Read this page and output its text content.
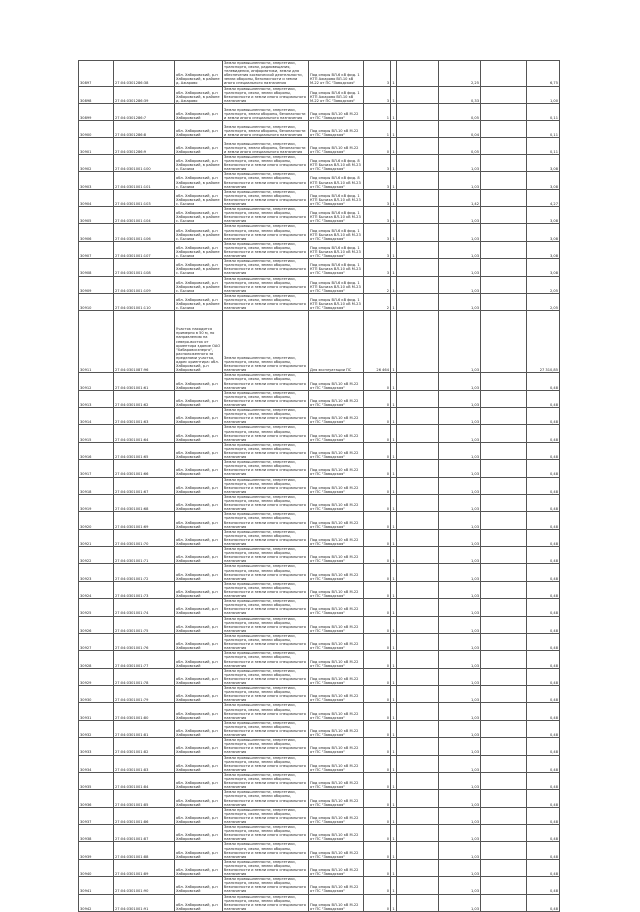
30897	27:04:0301286:38	обл. Хабаровский, р-н Хабаровский, в районе д. Ажарово	Земли промышленности, энергетики, транспорта, связи, радиовещания, телевидения, информатики, земли для обеспечения космической деятельности, земли обороны, безопасности и земли иного специального назначения	Под опоры ВЛ-6 кВ фид. 1 КТП Ажарово ВЛ-10 кВ М-22 от ПС "Заводская"	3	1		2,25		6,75
30898	27:04:0301286:39	обл. Хабаровский, р-н Хабаровский, в районе д. Ажарово	Земли промышленности, энергетики, транспорта, связи, земли обороны, безопасности и земли иного специального назначения	Под опоры ВЛ-6 кВ фид. 1 КТП Ажарово ВЛ-10 кВ М-22 от ПС "Заводская"	3	1		0,33		1,00
30899	27:04:0301286:7	обл. Хабаровский, р-н Хабаровский	Земли промышленности, энергетики, транспорта, земли обороны, безопасности и земли иного специального назначения	Под опоры ВЛ-10 кВ М-22 от ПС "Заводская"	1	1		0,05		0,11
30900	27:04:0301286:8	обл. Хабаровский, р-н Хабаровский	Земли промышленности, энергетики, транспорта, земли обороны, безопасности и земли иного специального назначения	Под опоры ВЛ-10 кВ М-22 от ПС "Заводская"	1	1		0,04		0,11
30901	27:04:0301286:9	обл. Хабаровский, р-н Хабаровский	Земли промышленности, энергетики, транспорта, земли обороны, безопасности и земли иного специального назначения	Под опоры ВЛ-10 кВ М-22 от ПС "Заводская"	0	1		0,05		0,11
30902	27:04:0301001:100	обл. Хабаровский, р-н Хабаровский, в районе с. Бычиха	Земли промышленности, энергетики, транспорта, связи, земли обороны, безопасности и земли иного специального назначения	Под опоры ВЛ-6 кВ фид. 8 КТП Бычиха ВЛ-10 кВ М-23 от ПС "Заводская"	3	1		1,03		3,08
30903	27:04:0301001:101	обл. Хабаровский, р-н Хабаровский, в районе с. Бычиха	Земли промышленности, энергетики, транспорта, связи, земли обороны, безопасности и земли иного специального назначения	Под опоры ВЛ-6 кВ фид. 8 КТП Бычиха ВЛ-10 кВ М-23 от ПС "Заводская"	3	1		1,03		3,08
30904	27:04:0301001:103	обл. Хабаровский, р-н Хабаровский, в районе с. Бычиха	Земли промышленности, энергетики, транспорта, связи, земли обороны, безопасности и земли иного специального назначения	Под опоры ВЛ-6 кВ фид. 1 КТП Бычиха ВЛ-10 кВ М-23 от ПС "Заводская"	3	1		1,42		4,27
30905	27:04:0301001:104	обл. Хабаровский, р-н Хабаровский, в районе с. Бычиха	Земли промышленности, энергетики, транспорта, связи, земли обороны, безопасности и земли иного специального назначения	Под опоры ВЛ-6 кВ фид. 1 КТП Бычиха ВЛ-10 кВ М-23 от ПС "Заводская"	3	1		1,03		3,08
30906	27:04:0301001:106	обл. Хабаровский, р-н Хабаровский, в районе с. Бычиха	Земли промышленности, энергетики, транспорта, связи, земли обороны, безопасности и земли иного специального назначения	Под опоры ВЛ-6 кВ фид. 1 КТП Бычиха ВЛ-10 кВ М-23 от ПС "Заводская"	3	1		1,03		3,08
30907	27:04:0301001:107	обл. Хабаровский, р-н Хабаровский, в районе с. Бычиха	Земли промышленности, энергетики, транспорта, связи, земли обороны, безопасности и земли иного специального назначения	Под опоры ВЛ-6 кВ фид. 1 КТП Бычиха ВЛ-10 кВ М-23 от ПС "Заводская"	3	1		1,03		3,08
30908	27:04:0301001:108	обл. Хабаровский, р-н Хабаровский, в районе с. Бычиха	Земли промышленности, энергетики, транспорта, связи, земли обороны, безопасности и земли иного специального назначения	Под опоры ВЛ-6 кВ фид. 1 КТП Бычиха ВЛ-10 кВ М-23 от ПС "Заводская"	3	1		1,03		3,08
30909	27:04:0301001:109	обл. Хабаровский, р-н Хабаровский, в районе с. Бычиха	Земли промышленности, энергетики, транспорта, связи, земли обороны, безопасности и земли иного специального назначения	Под опоры ВЛ-6 кВ фид. 1 КТП Бычиха ВЛ-10 кВ М-23 от ПС "Заводская"	2	1		1,03		2,05
30910	27:04:0301001:110	обл. Хабаровский, р-н Хабаровский, в районе с. Бычиха	Земли промышленности, энергетики, транспорта, связи, земли обороны, безопасности и земли иного специального назначения	Под опоры ВЛ-6 кВ фид. 1 КТП Бычиха ВЛ-10 кВ М-23 от ПС "Заводская"	2	1		1,03		2,05
30911	27:04:0301087:96	Участок находится примерно в 50 м, по направлению на северо-восток от ориентира здание ОАО "Хабаровскэнерго", расположенного за пределами участка, адрес ориентира: обл. Хабаровский, р-н Хабаровский	Земли промышленности, энергетики, транспорта, связи, земли обороны, безопасности и земли иного специального назначения	Для эксплуатации ПС	26 464	1		1,03		27 310,85
30912	27:04:0301001:61	обл. Хабаровский, р-н Хабаровский	Земли промышленности, энергетики, транспорта, связи, земли обороны, безопасности и земли иного специального назначения	Под опоры ВЛ-10 кВ М-22 от ПС "Заводская"	0	1		1,03		0,48
30913	27:04:0301001:62	обл. Хабаровский, р-н Хабаровский	Земли промышленности, энергетики, транспорта, связи, земли обороны, безопасности и земли иного специального назначения	Под опоры ВЛ-10 кВ М-22 от ПС "Заводская"	0	1		1,03		0,48
30914	27:04:0301001:63	обл. Хабаровский, р-н Хабаровский	Земли промышленности, энергетики, транспорта, связи, земли обороны, безопасности и земли иного специального назначения	Под опоры ВЛ-10 кВ М-22 от ПС "Заводская"	0	1		1,03		0,48
30915	27:04:0301001:64	обл. Хабаровский, р-н Хабаровский	Земли промышленности, энергетики, транспорта, связи, земли обороны, безопасности и земли иного специального назначения	Под опоры ВЛ-10 кВ М-22 от ПС "Заводская"	0	1		1,03		0,48
30916	27:04:0301001:65	обл. Хабаровский, р-н Хабаровский	Земли промышленности, энергетики, транспорта, связи, земли обороны, безопасности и земли иного специального назначения	Под опоры ВЛ-10 кВ М-22 от ПС "Заводская"	0	1		1,03		0,48
30917	27:04:0301001:66	обл. Хабаровский, р-н Хабаровский	Земли промышленности, энергетики, транспорта, связи, земли обороны, безопасности и земли иного специального назначения	Под опоры ВЛ-10 кВ М-22 от ПС "Заводская"	0	1		1,03		0,48
30918	27:04:0301001:67	обл. Хабаровский, р-н Хабаровский	Земли промышленности, энергетики, транспорта, связи, земли обороны, безопасности и земли иного специального назначения	Под опоры ВЛ-10 кВ М-22 от ПС "Заводская"	0	1		1,03		0,48
30919	27:04:0301001:68	обл. Хабаровский, р-н Хабаровский	Земли промышленности, энергетики, транспорта, связи, земли обороны, безопасности и земли иного специального назначения	Под опоры ВЛ-10 кВ М-22 от ПС "Заводская"	0	1		1,03		0,48
30920	27:04:0301001:69	обл. Хабаровский, р-н Хабаровский	Земли промышленности, энергетики, транспорта, связи, земли обороны, безопасности и земли иного специального назначения	Под опоры ВЛ-10 кВ М-22 от ПС "Заводская"	0	1		1,03		0,48
30921	27:04:0301001:70	обл. Хабаровский, р-н Хабаровский	Земли промышленности, энергетики, транспорта, связи, земли обороны, безопасности и земли иного специального назначения	Под опоры ВЛ-10 кВ М-22 от ПС "Заводская"	0	1		1,03		0,48
30922	27:04:0301001:71	обл. Хабаровский, р-н Хабаровский	Земли промышленности, энергетики, транспорта, связи, земли обороны, безопасности и земли иного специального назначения	Под опоры ВЛ-10 кВ М-22 от ПС "Заводская"	0	1		1,03		0,48
30923	27:04:0301001:72	обл. Хабаровский, р-н Хабаровский	Земли промышленности, энергетики, транспорта, связи, земли обороны, безопасности и земли иного специального назначения	Под опоры ВЛ-10 кВ М-22 от ПС "Заводская"	0	1		1,03		0,48
30924	27:04:0301001:73	обл. Хабаровский, р-н Хабаровский	Земли промышленности, энергетики, транспорта, связи, земли обороны, безопасности и земли иного специального назначения	Под опоры ВЛ-10 кВ М-22 от ПС "Заводская"	0	1		1,03		0,48
30925	27:04:0301001:74	обл. Хабаровский, р-н Хабаровский	Земли промышленности, энергетики, транспорта, связи, земли обороны, безопасности и земли иного специального назначения	Под опоры ВЛ-10 кВ М-22 от ПС "Заводская"	0	1		1,03		0,48
30926	27:04:0301001:75	обл. Хабаровский, р-н Хабаровский	Земли промышленности, энергетики, транспорта, связи, земли обороны, безопасности и земли иного специального назначения	Под опоры ВЛ-10 кВ М-22 от ПС "Заводская"	0	1		1,03		0,48
30927	27:04:0301001:76	обл. Хабаровский, р-н Хабаровский	Земли промышленности, энергетики, транспорта, связи, земли обороны, безопасности и земли иного специального назначения	Под опоры ВЛ-10 кВ М-22 от ПС "Заводская"	0	1		1,03		0,48
30928	27:04:0301001:77	обл. Хабаровский, р-н Хабаровский	Земли промышленности, энергетики, транспорта, связи, земли обороны, безопасности и земли иного специального назначения	Под опоры ВЛ-10 кВ М-22 от ПС "Заводская"	0	1		1,03		0,48
30929	27:04:0301001:78	обл. Хабаровский, р-н Хабаровский	Земли промышленности, энергетики, транспорта, связи, земли обороны, безопасности и земли иного специального назначения	Под опоры ВЛ-10 кВ М-22 от ПС "Заводская"	0	1		1,03		0,48
30930	27:04:0301001:79	обл. Хабаровский, р-н Хабаровский	Земли промышленности, энергетики, транспорта, связи, земли обороны, безопасности и земли иного специального назначения	Под опоры ВЛ-10 кВ М-22 от ПС "Заводская"	0	1		1,03		0,48
30931	27:04:0301001:80	обл. Хабаровский, р-н Хабаровский	Земли промышленности, энергетики, транспорта, связи, земли обороны, безопасности и земли иного специального назначения	Под опоры ВЛ-10 кВ М-22 от ПС "Заводская"	0	1		1,03		0,48
30932	27:04:0301001:81	обл. Хабаровский, р-н Хабаровский	Земли промышленности, энергетики, транспорта, связи, земли обороны, безопасности и земли иного специального назначения	Под опоры ВЛ-10 кВ М-22 от ПС "Заводская"	0	1		1,03		0,48
30933	27:04:0301001:82	обл. Хабаровский, р-н Хабаровский	Земли промышленности, энергетики, транспорта, связи, земли обороны, безопасности и земли иного специального назначения	Под опоры ВЛ-10 кВ М-22 от ПС "Заводская"	0	1		1,03		0,48
30934	27:04:0301001:83	обл. Хабаровский, р-н Хабаровский	Земли промышленности, энергетики, транспорта, связи, земли обороны, безопасности и земли иного специального назначения	Под опоры ВЛ-10 кВ М-22 от ПС "Заводская"	0	1		1,03		0,48
30935	27:04:0301001:84	обл. Хабаровский, р-н Хабаровский	Земли промышленности, энергетики, транспорта, связи, земли обороны, безопасности и земли иного специального назначения	Под опоры ВЛ-10 кВ М-22 от ПС "Заводская"	0	1		1,03		0,48
30936	27:04:0301001:85	обл. Хабаровский, р-н Хабаровский	Земли промышленности, энергетики, транспорта, связи, земли обороны, безопасности и земли иного специального назначения	Под опоры ВЛ-10 кВ М-22 от ПС "Заводская"	0	1		1,03		0,48
30937	27:04:0301001:86	обл. Хабаровский, р-н Хабаровский	Земли промышленности, энергетики, транспорта, связи, земли обороны, безопасности и земли иного специального назначения	Под опоры ВЛ-10 кВ М-22 от ПС "Заводская"	0	1		1,03		0,48
30938	27:04:0301001:87	обл. Хабаровский, р-н Хабаровский	Земли промышленности, энергетики, транспорта, связи, земли обороны, безопасности и земли иного специального назначения	Под опоры ВЛ-10 кВ М-22 от ПС "Заводская"	0	1		1,03		0,48
30939	27:04:0301001:88	обл. Хабаровский, р-н Хабаровский	Земли промышленности, энергетики, транспорта, связи, земли обороны, безопасности и земли иного специального назначения	Под опоры ВЛ-10 кВ М-22 от ПС "Заводская"	0	1		1,03		0,48
30940	27:04:0301001:89	обл. Хабаровский, р-н Хабаровский	Земли промышленности, энергетики, транспорта, связи, земли обороны, безопасности и земли иного специального назначения	Под опоры ВЛ-10 кВ М-22 от ПС "Заводская"	0	1		1,03		0,48
30941	27:04:0301001:90	обл. Хабаровский, р-н Хабаровский	Земли промышленности, энергетики, транспорта, связи, земли обороны, безопасности и земли иного специального назначения	Под опоры ВЛ-10 кВ М-22 от ПС "Заводская"	0	1		1,03		0,48
30942	27:04:0301001:91	обл. Хабаровский, р-н Хабаровский	Земли промышленности, энергетики, транспорта, связи, земли обороны, безопасности и земли иного специального назначения	Под опоры ВЛ-10 кВ М-22 от ПС "Заводская"	0	1		1,03		0,48
